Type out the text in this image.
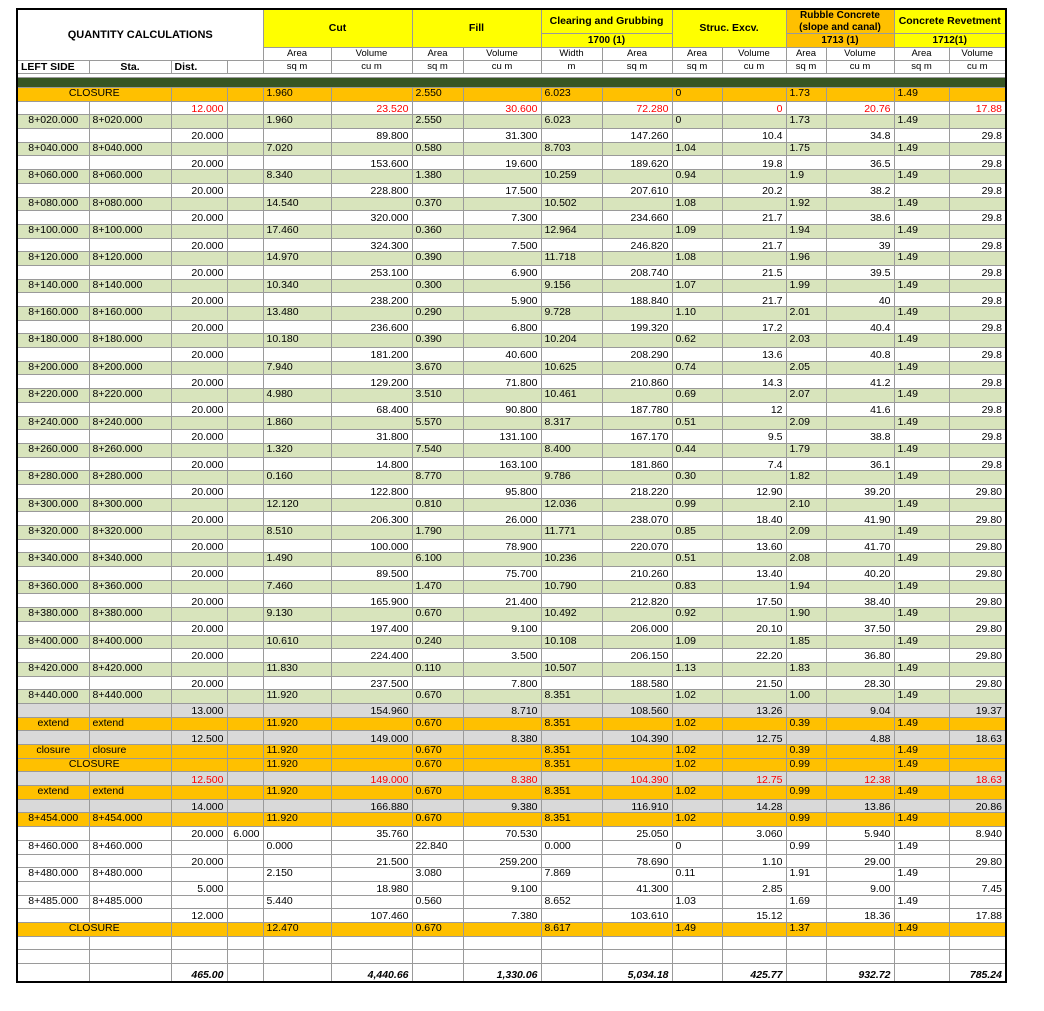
QUANTITY CALCULATIONS				Cut		Fill		Clearing and Grubbing		Struc. Excv.		Rubble Concrete
(slope and canal)		Concrete Revetment	
								1700 (1)				1713 (1)		1712(1)	
				Area	Volume	Area	Volume	Width	Area	Area	Volume	Area	Volume	Area	Volume
LEFT SIDE	Sta.	Dist.		sq m	cu m	sq m	cu m	m	sq m	sq m	cu m	sq m	cu m	sq m	cu m

CLOSURE				1.960		2.550		6.023		0		1.73		1.49	
		12.000			23.520		30.600		72.280		0		20.76		17.88
8+020.000	8+020.000			1.960		2.550		6.023		0		1.73		1.49	
		20.000			89.800		31.300		147.260		10.4		34.8		29.8
8+040.000	8+040.000			7.020		0.580		8.703		1.04		1.75		1.49	
		20.000			153.600		19.600		189.620		19.8		36.5		29.8
8+060.000	8+060.000			8.340		1.380		10.259		0.94		1.9		1.49	
		20.000			228.800		17.500		207.610		20.2		38.2		29.8
8+080.000	8+080.000			14.540		0.370		10.502		1.08		1.92		1.49	
		20.000			320.000		7.300		234.660		21.7		38.6		29.8
8+100.000	8+100.000			17.460		0.360		12.964		1.09		1.94		1.49	
		20.000			324.300		7.500		246.820		21.7		39		29.8
8+120.000	8+120.000			14.970		0.390		11.718		1.08		1.96		1.49	
		20.000			253.100		6.900		208.740		21.5		39.5		29.8
8+140.000	8+140.000			10.340		0.300		9.156		1.07		1.99		1.49	
		20.000			238.200		5.900		188.840		21.7		40		29.8
8+160.000	8+160.000			13.480		0.290		9.728		1.10		2.01		1.49	
		20.000			236.600		6.800		199.320		17.2		40.4		29.8
8+180.000	8+180.000			10.180		0.390		10.204		0.62		2.03		1.49	
		20.000			181.200		40.600		208.290		13.6		40.8		29.8
8+200.000	8+200.000			7.940		3.670		10.625		0.74		2.05		1.49	
		20.000			129.200		71.800		210.860		14.3		41.2		29.8
8+220.000	8+220.000			4.980		3.510		10.461		0.69		2.07		1.49	
		20.000			68.400		90.800		187.780		12		41.6		29.8
8+240.000	8+240.000			1.860		5.570		8.317		0.51		2.09		1.49	
		20.000			31.800		131.100		167.170		9.5		38.8		29.8
8+260.000	8+260.000			1.320		7.540		8.400		0.44		1.79		1.49	
		20.000			14.800		163.100		181.860		7.4		36.1		29.8
8+280.000	8+280.000			0.160		8.770		9.786		0.30		1.82		1.49	
		20.000			122.800		95.800		218.220		12.90		39.20		29.80
8+300.000	8+300.000			12.120		0.810		12.036		0.99		2.10		1.49	
		20.000			206.300		26.000		238.070		18.40		41.90		29.80
8+320.000	8+320.000			8.510		1.790		11.771		0.85		2.09		1.49	
		20.000			100.000		78.900		220.070		13.60		41.70		29.80
8+340.000	8+340.000			1.490		6.100		10.236		0.51		2.08		1.49	
		20.000			89.500		75.700		210.260		13.40		40.20		29.80
8+360.000	8+360.000			7.460		1.470		10.790		0.83		1.94		1.49	
		20.000			165.900		21.400		212.820		17.50		38.40		29.80
8+380.000	8+380.000			9.130		0.670		10.492		0.92		1.90		1.49	
		20.000			197.400		9.100		206.000		20.10		37.50		29.80
8+400.000	8+400.000			10.610		0.240		10.108		1.09		1.85		1.49	
		20.000			224.400		3.500		206.150		22.20		36.80		29.80
8+420.000	8+420.000			11.830		0.110		10.507		1.13		1.83		1.49	
		20.000			237.500		7.800		188.580		21.50		28.30		29.80
8+440.000	8+440.000			11.920		0.670		8.351		1.02		1.00		1.49	
		13.000			154.960		8.710		108.560		13.26		9.04		19.37
extend	extend			11.920		0.670		8.351		1.02		0.39		1.49	
		12.500			149.000		8.380		104.390		12.75		4.88		18.63
closure	closure			11.920		0.670		8.351		1.02		0.39		1.49	
CLOSURE				11.920		0.670		8.351		1.02		0.99		1.49	
		12.500			149.000		8.380		104.390		12.75		12.38		18.63
extend	extend			11.920		0.670		8.351		1.02		0.99		1.49	
		14.000			166.880		9.380		116.910		14.28		13.86		20.86
8+454.000	8+454.000			11.920		0.670		8.351		1.02		0.99		1.49	
		20.000	6.000		35.760		70.530		25.050		3.060		5.940		8.940
8+460.000	8+460.000			0.000		22.840		0.000		0		0.99		1.49	
		20.000			21.500		259.200		78.690		1.10		29.00		29.80
8+480.000	8+480.000			2.150		3.080		7.869		0.11		1.91		1.49	
		5.000			18.980		9.100		41.300		2.85		9.00		7.45
8+485.000	8+485.000			5.440		0.560		8.652		1.03		1.69		1.49	
		12.000			107.460		7.380		103.610		15.12		18.36		17.88
CLOSURE				12.470		0.670		8.617		1.49		1.37		1.49	

		465.00			4,440.66		1,330.06		5,034.18		425.77		932.72		785.24
